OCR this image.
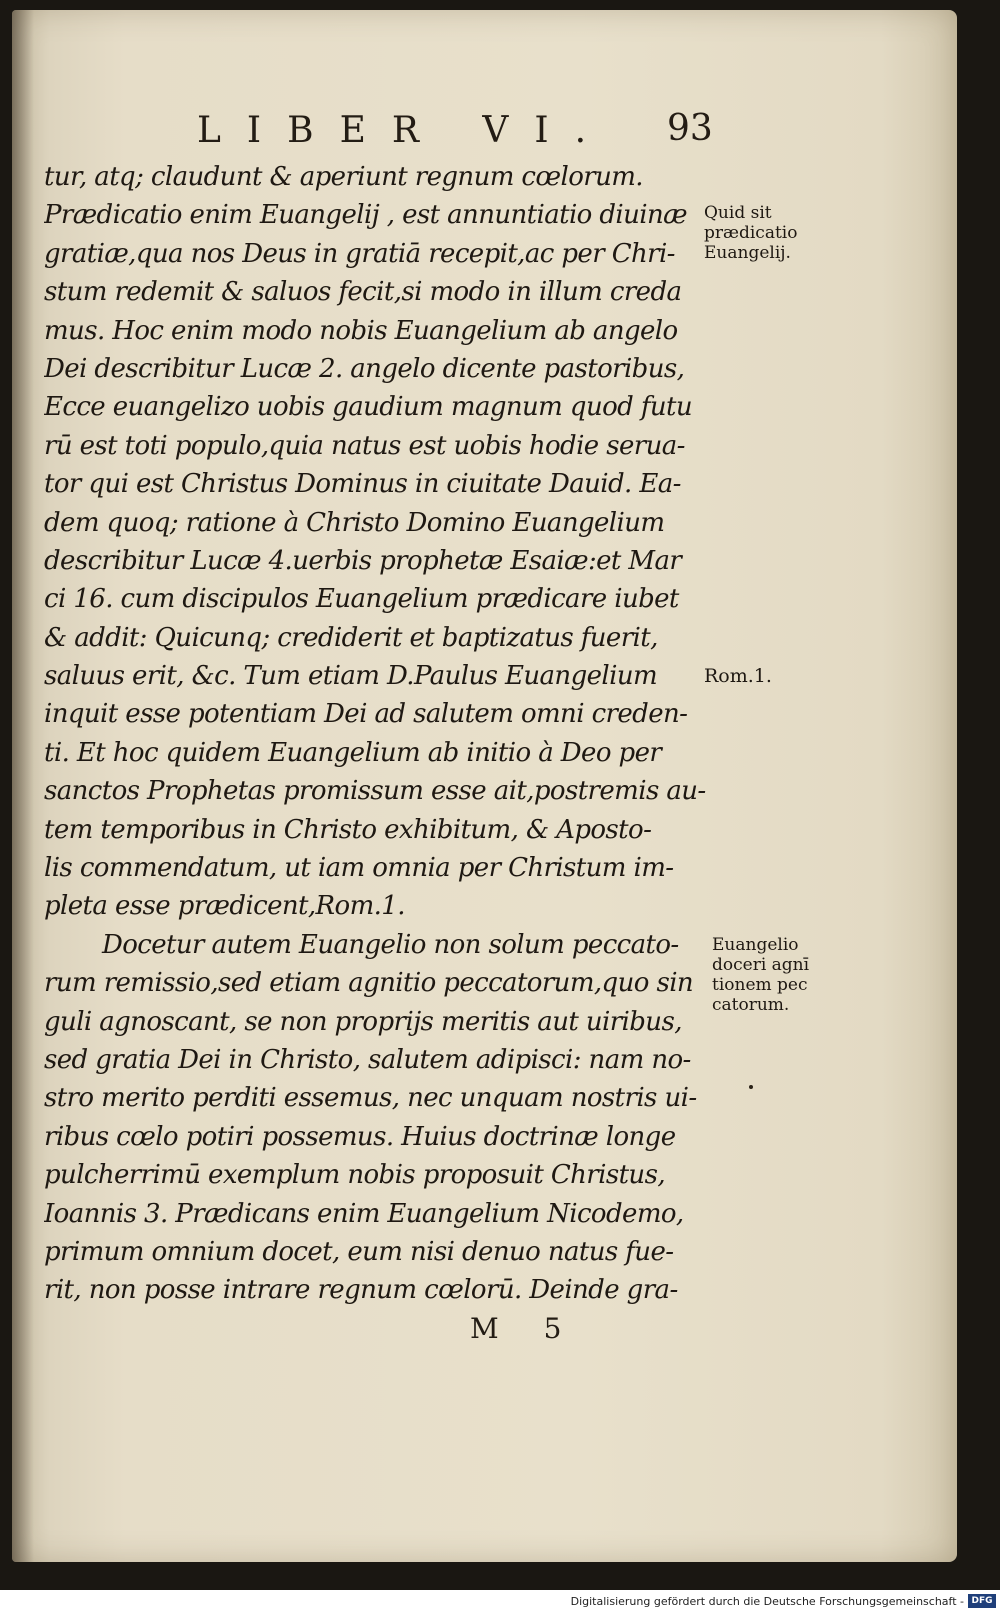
LIBER VI. 93
tur, atq; claudunt & aperiunt regnum cœlorum.
Prædicatio enim Euangelij , est annuntiatio diuinæ
gratiæ,qua nos Deus in gratiā recepit,ac per Chri-
stum redemit & saluos fecit,si modo in illum creda
mus. Hoc enim modo nobis Euangelium ab angelo
Dei describitur Lucæ 2. angelo dicente pastoribus,
Ecce euangelizo uobis gaudium magnum quod futu
rū est toti populo,quia natus est uobis hodie serua-
tor qui est Christus Dominus in ciuitate Dauid. Ea-
dem quoq; ratione à Christo Domino Euangelium
describitur Lucæ 4.uerbis prophetæ Esaiæ:et Mar
ci 16. cum discipulos Euangelium prædicare iubet
& addit: Quicunq; crediderit et baptizatus fuerit,
saluus erit, &c. Tum etiam D.Paulus Euangelium
inquit esse potentiam Dei ad salutem omni creden-
ti. Et hoc quidem Euangelium ab initio à Deo per
sanctos Prophetas promissum esse ait,postremis au-
tem temporibus in Christo exhibitum, & Aposto-
lis commendatum, ut iam omnia per Christum im-
pleta esse prædicent,Rom.1.
Docetur autem Euangelio non solum peccato-
rum remissio,sed etiam agnitio peccatorum,quo sin
guli agnoscant, se non proprijs meritis aut uiribus,
sed gratia Dei in Christo, salutem adipisci: nam no-
stro merito perditi essemus, nec unquam nostris ui-
ribus cœlo potiri possemus. Huius doctrinæ longe
pulcherrimū exemplum nobis proposuit Christus,
Ioannis 3. Prædicans enim Euangelium Nicodemo,
primum omnium docet, eum nisi denuo natus fue-
rit, non posse intrare regnum cœlorū. Deinde gra-
Quid sit
prædicatio
Euangelij.
Rom.1.
Euangelio
doceri agnī
tionem pec
catorum.
M 5
Digitalisierung gefördert durch die Deutsche Forschungsgemeinschaft - DFG
